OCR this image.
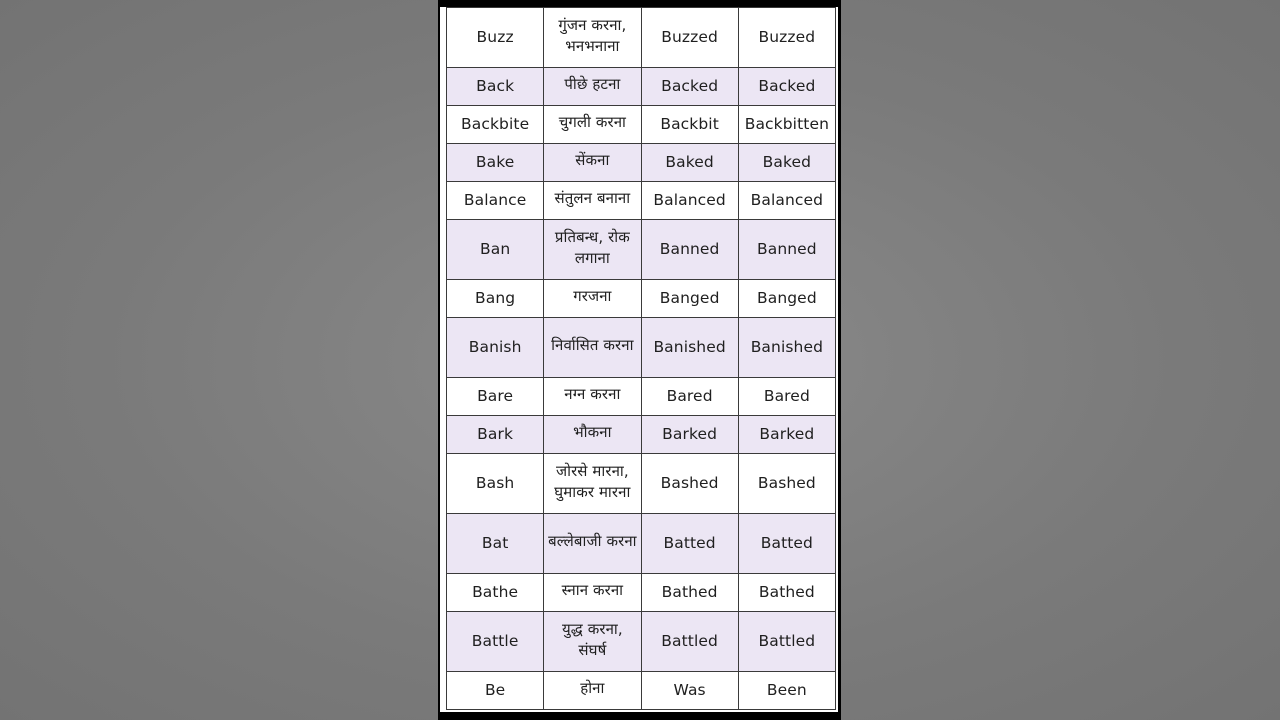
Buzz	गुंजन करना, भनभनाना	Buzzed	Buzzed
Back	पीछे हटना	Backed	Backed
Backbite	चुगली करना	Backbit	Backbitten
Bake	सेंकना	Baked	Baked
Balance	संतुलन बनाना	Balanced	Balanced
Ban	प्रतिबन्ध, रोक लगाना	Banned	Banned
Bang	गरजना	Banged	Banged
Banish	निर्वासित करना	Banished	Banished
Bare	नग्न करना	Bared	Bared
Bark	भौकना	Barked	Barked
Bash	जोरसे मारना, घुमाकर मारना	Bashed	Bashed
Bat	बल्लेबाजी करना	Batted	Batted
Bathe	स्नान करना	Bathed	Bathed
Battle	युद्ध करना, संघर्ष	Battled	Battled
Be	होना	Was	Been
